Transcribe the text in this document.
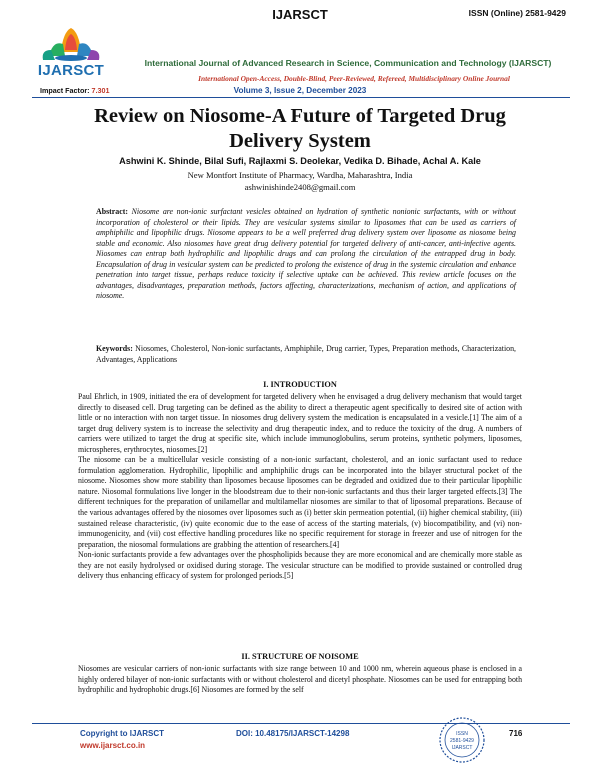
IJARSCT	ISSN (Online) 2581-9429
IJARSCT	International Journal of Advanced Research in Science, Communication and Technology (IJARSCT)
International Open-Access, Double-Blind, Peer-Reviewed, Refereed, Multidisciplinary Online Journal
Impact Factor: 7.301	Volume 3, Issue 2, December 2023
Review on Niosome-A Future of Targeted Drug
Delivery System
Ashwini K. Shinde, Bilal Sufi, Rajlaxmi S. Deolekar, Vedika D. Bihade, Achal A. Kale
New Montfort Institute of Pharmacy, Wardha, Maharashtra, India
ashwinishinde2408@gmail.com
Abstract: Niosome are non-ionic surfactant vesicles obtained on hydration of synthetic nonionic surfactants, with or without incorporation of cholesterol or their lipids. They are vesicular systems similar to liposomes that can be used as carriers of amphiphilic and lipophilic drugs. Niosome appears to be a well preferred drug delivery system over liposome as niosome being stable and economic. Also niosomes have great drug delivery potential for targeted delivery of anti-cancer, anti-infective agents. Niosomes can entrap both hydrophilic and lipophilic drugs and can prolong the circulation of the entrapped drug in body. Encapsulation of drug in vesicular system can be predicted to prolong the existence of drug in the systemic circulation and enhance penetration into target tissue, perhaps reduce toxicity if selective uptake can be achieved. This review article focuses on the advantages, disadvantages, preparation methods, factors affecting, characterizations, mechanism of action, and applications of niosome.
Keywords: Niosomes, Cholesterol, Non-ionic surfactants, Amphiphile, Drug carrier, Types, Preparation methods, Characterization, Advantages, Applications
I. INTRODUCTION

Paul Ehrlich, in 1909, initiated the era of development for targeted delivery when he envisaged a drug delivery mechanism that would target directly to diseased cell. Drug targeting can be defined as the ability to direct a therapeutic agent specifically to desired site of action with little or no interaction with non target tissue. In niosomes drug delivery system the medication is encapsulated in a vesicle.[1] The aim of a target drug delivery system is to increase the selectivity and drug therapeutic index, and to reduce the toxicity of the drug. A numbers of carriers were utilized to target the drug at specific site, which include immunoglobulins, serum proteins, synthetic polymers, liposomes, microspheres, erythrocytes, niosomes.[2]

The niosome can be a multicellular vesicle consisting of a non-ionic surfactant, cholesterol, and an ionic surfactant used to reduce formulation agglomeration. Hydrophilic, lipophilic and amphiphilic drugs can be incorporated into the bilayer structural pocket of the niosome. Niosomes show more stability than liposomes because liposomes can be degraded and oxidized due to their particular lipophilic nature. Niosomal formulations live longer in the bloodstream due to their non-ionic surfactants and thus their larger targeted effects.[3] The different techniques for the preparation of unilamellar and multilamellar niosomes are similar to that of liposomal preparations. Because of the various advantages offered by the niosomes over liposomes such as (i) better skin permeation potential, (ii) higher chemical stability, (iii) sustained release characteristic, (iv) quite economic due to the ease of access of the starting materials, (v) biocompatibility, and (vi) non-immunogenicity, and (vii) cost effective handling procedures like no specific requirement for storage in freezer and use of nitrogen for the preparation, the niosomal formulations are grabbing the attention of researchers.[4]

Non-ionic surfactants provide a few advantages over the phospholipids because they are more economical and are chemically more stable as they are not easily hydrolysed or oxidised during storage. The vesicular structure can be modified to provide sustained or controlled drug delivery thus enhancing efficacy of system for prolonged periods.[5]

II. STRUCTURE OF NOISOME

Niosomes are vesicular carriers of non-ionic surfactants with size range between 10 and 1000 nm, wherein aqueous phase is enclosed in a highly ordered bilayer of non-ionic surfactants with or without cholesterol and dicetyl phosphate. Niosomes can be used for entrapping both hydrophilic and hydrophobic drugs.[6] Niosomes are formed by the self

Copyright to IJARSCT
www.ijarsct.co.in
DOI: 10.48175/IJARSCT-14298	ISSN
2581-9429
IJARSCT
716
